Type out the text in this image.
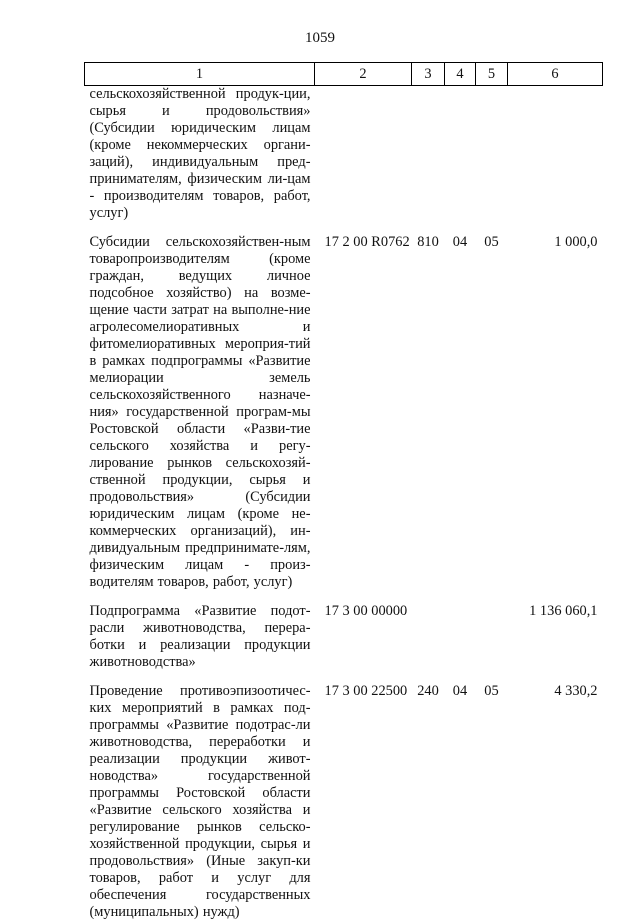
1059
1	2	3	4	5	6
сельскохозяйственной продук-ции, сырья и продовольствия» (Субсидии юридическим лицам (кроме некоммерческих органи-заций), индивидуальным пред-принимателям, физическим ли-цам - производителям товаров, работ, услуг)					
Субсидии сельскохозяйствен-ным товаропроизводителям (кроме граждан, ведущих личное подсобное хозяйство) на возме-щение части затрат на выполне-ние агролесомелиоративных и фитомелиоративных мероприя-тий в рамках подпрограммы «Развитие мелиорации земель сельскохозяйственного назначе-ния» государственной програм-мы Ростовской области «Разви-тие сельского хозяйства и регу-лирование рынков сельскохозяй-ственной продукции, сырья и продовольствия» (Субсидии юридическим лицам (кроме не-коммерческих организаций), ин-дивидуальным предпринимате-лям, физическим лицам - произ-водителям товаров, работ, услуг)	17 2 00 R0762	810	04	05	1 000,0
Подпрограмма «Развитие подот-расли животноводства, перера-ботки и реализации продукции животноводства»	17 3 00 00000				1 136 060,1
Проведение противоэпизоотичес-ких мероприятий в рамках под-программы «Развитие подотрас-ли животноводства, переработки и реализации продукции живот-новодства» государственной программы Ростовской области «Развитие сельского хозяйства и регулирование рынков сельско-хозяйственной продукции, сырья и продовольствия» (Иные закуп-ки товаров, работ и услуг для обеспечения государственных (муниципальных) нужд)	17 3 00 22500	240	04	05	4 330,2
